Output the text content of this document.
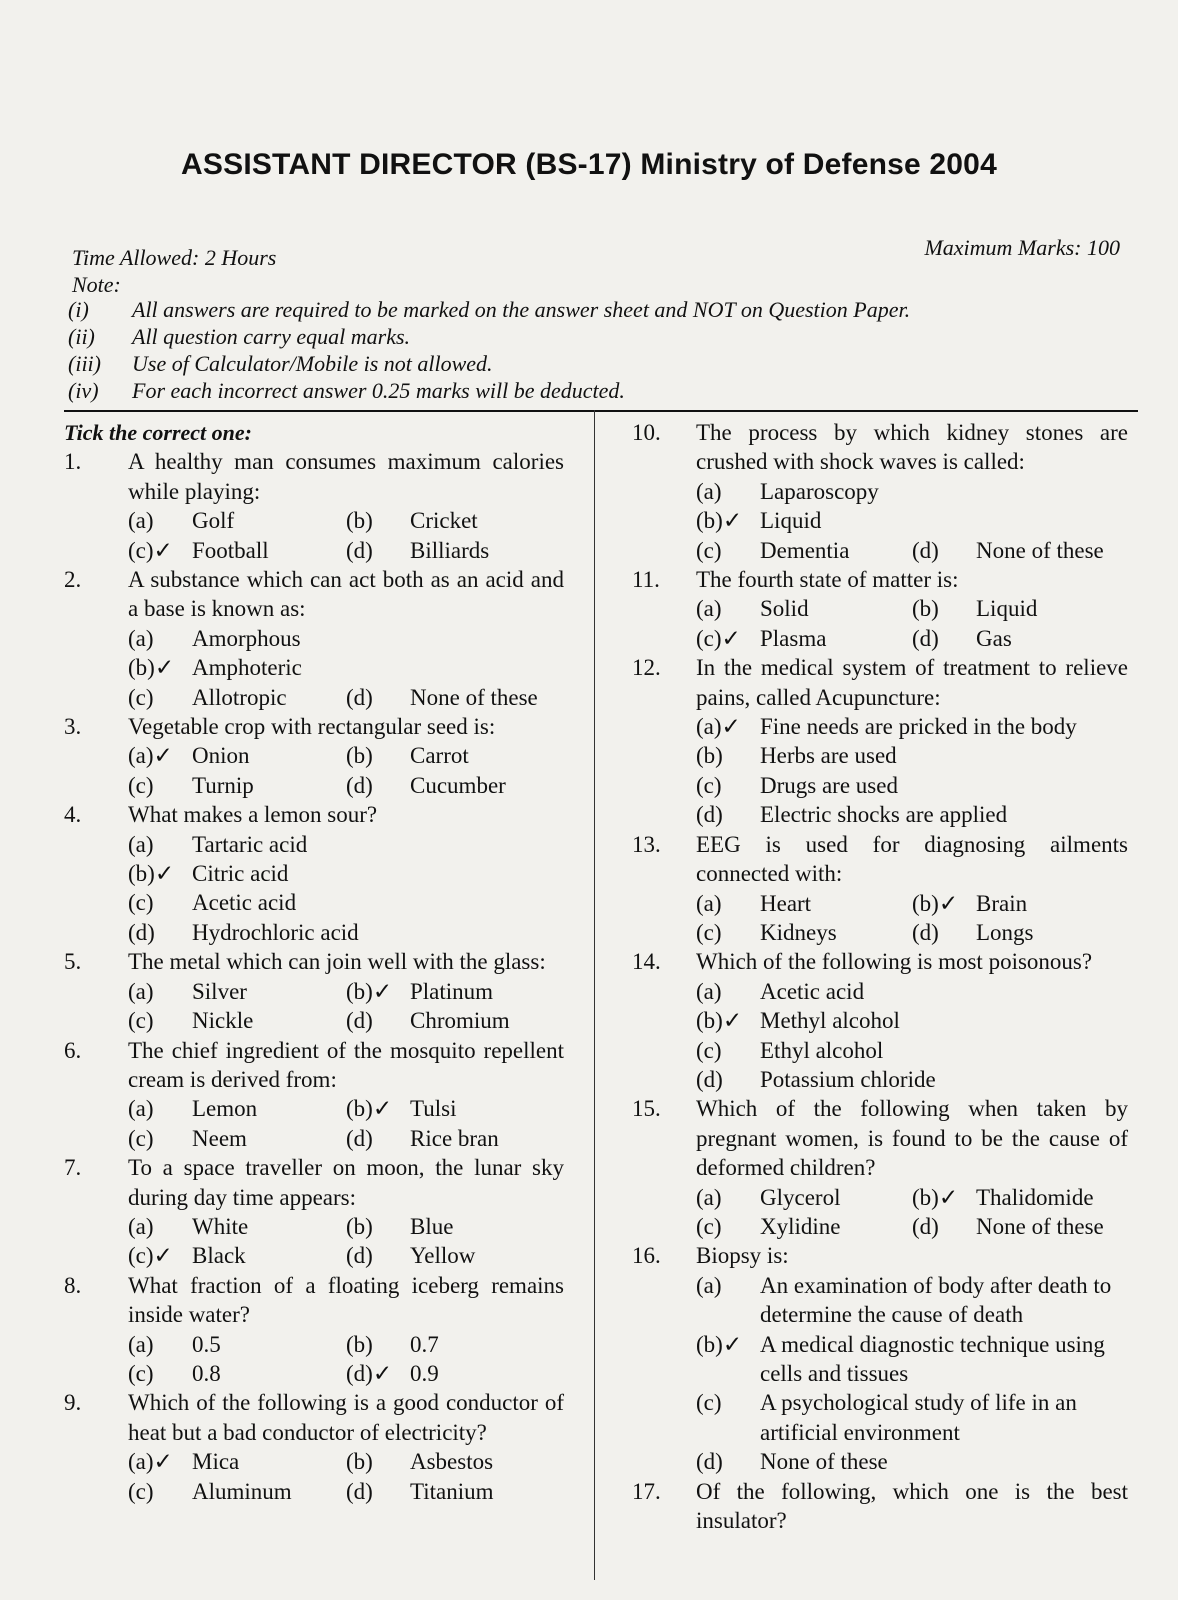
ASSISTANT DIRECTOR (BS-17) Ministry of Defense 2004
Time Allowed: 2 Hours	Maximum Marks: 100
Note:
(i) All answers are required to be marked on the answer sheet and NOT on Question Paper.
(ii) All question carry equal marks.
(iii) Use of Calculator/Mobile is not allowed.
(iv) For each incorrect answer 0.25 marks will be deducted.
Tick the correct one:
1.	A healthy man consumes maximum calories while playing:
(a)	Golf	(b)	Cricket
(c)✓ Football	(d)	Billiards
2.	A substance which can act both as an acid and a base is known as:
(a)	Amorphous
(b)✓ Amphoteric
(c)	Allotropic	(d)	None of these
3.	Vegetable crop with rectangular seed is:
(a)✓ Onion	(b)	Carrot
(c)	Turnip	(d)	Cucumber
4.	What makes a lemon sour?
(a)	Tartaric acid
(b)✓ Citric acid
(c)	Acetic acid
(d)	Hydrochloric acid
5.	The metal which can join well with the glass:
(a)	Silver	(b)✓ Platinum
(c)	Nickle	(d)	Chromium
6.	The chief ingredient of the mosquito repellent cream is derived from:
(a)	Lemon	(b)✓ Tulsi
(c)	Neem	(d)	Rice bran
7.	To a space traveller on moon, the lunar sky during day time appears:
(a)	White	(b)	Blue
(c)✓ Black	(d)	Yellow
8.	What fraction of a floating iceberg remains inside water?
(a)	0.5	(b)	0.7
(c)	0.8	(d)✓ 0.9
9.	Which of the following is a good conductor of heat but a bad conductor of electricity?
(a)✓ Mica	(b)	Asbestos
(c)	Aluminum (d)	Titanium
10.	The process by which kidney stones are crushed with shock waves is called:
(a)	Laparoscopy
(b)✓ Liquid
(c)	Dementia	(d)	None of these
11.	The fourth state of matter is:
(a)	Solid	(b)	Liquid
(c)✓ Plasma	(d)	Gas
12.	In the medical system of treatment to relieve pains, called Acupuncture:
(a)✓ Fine needs are pricked in the body
(b)	Herbs are used
(c)	Drugs are used
(d)	Electric shocks are applied
13.	EEG is used for diagnosing ailments connected with:
(a)	Heart	(b)✓ Brain
(c)	Kidneys	(d)	Longs
14.	Which of the following is most poisonous?
(a)	Acetic acid
(b)✓ Methyl alcohol
(c)	Ethyl alcohol
(d)	Potassium chloride
15.	Which of the following when taken by pregnant women, is found to be the cause of deformed children?
(a)	Glycerol	(b)✓ Thalidomide
(c)	Xylidine	(d)	None of these
16.	Biopsy is:
(a)	An examination of body after death to determine the cause of death
(b)✓ A medical diagnostic technique using cells and tissues
(c)	A psychological study of life in an artificial environment
(d)	None of these
17.	Of the following, which one is the best insulator?
